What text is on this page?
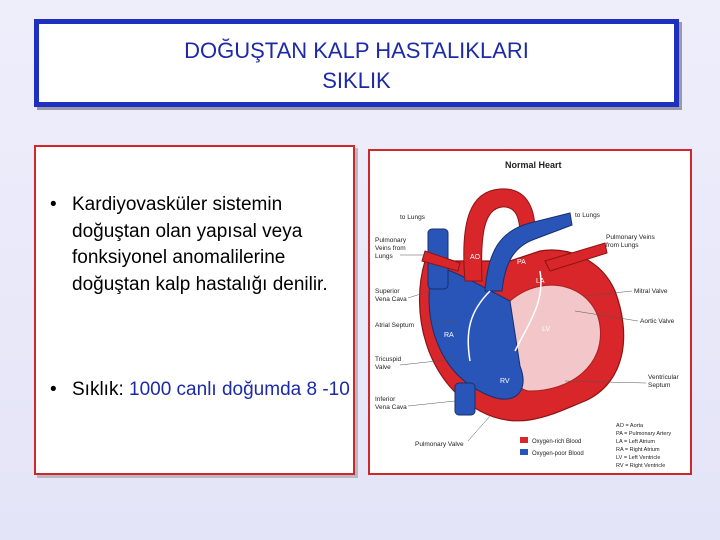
DOĞUŞTAN KALP HASTALIKLARI
SIKLIK
• Kardiyovasküler sistemin doğuştan olan yapısal veya fonksiyonel anomalilerine doğuştan kalp hastalığı denilir.
• Sıklık: 1000 canlı doğumda 8 -10
Normal Heart
AO
PA
LA
RA
LV
RV
to Lungs
Pulmonary
Veins from
Lungs
Superior
Vena Cava
Atrial Septum
Tricuspid
Valve
Inferior
Vena Cava
Pulmonary Valve
to Lungs
Pulmonary Veins
from Lungs
Mitral Valve
Aortic Valve
Ventricular
Septum
Oxygen-rich Blood
Oxygen-poor Blood
AO = Aorta
PA = Pulmonary Artery
LA = Left Atrium
RA = Right Atrium
LV = Left Ventricle
RV = Right Ventricle
